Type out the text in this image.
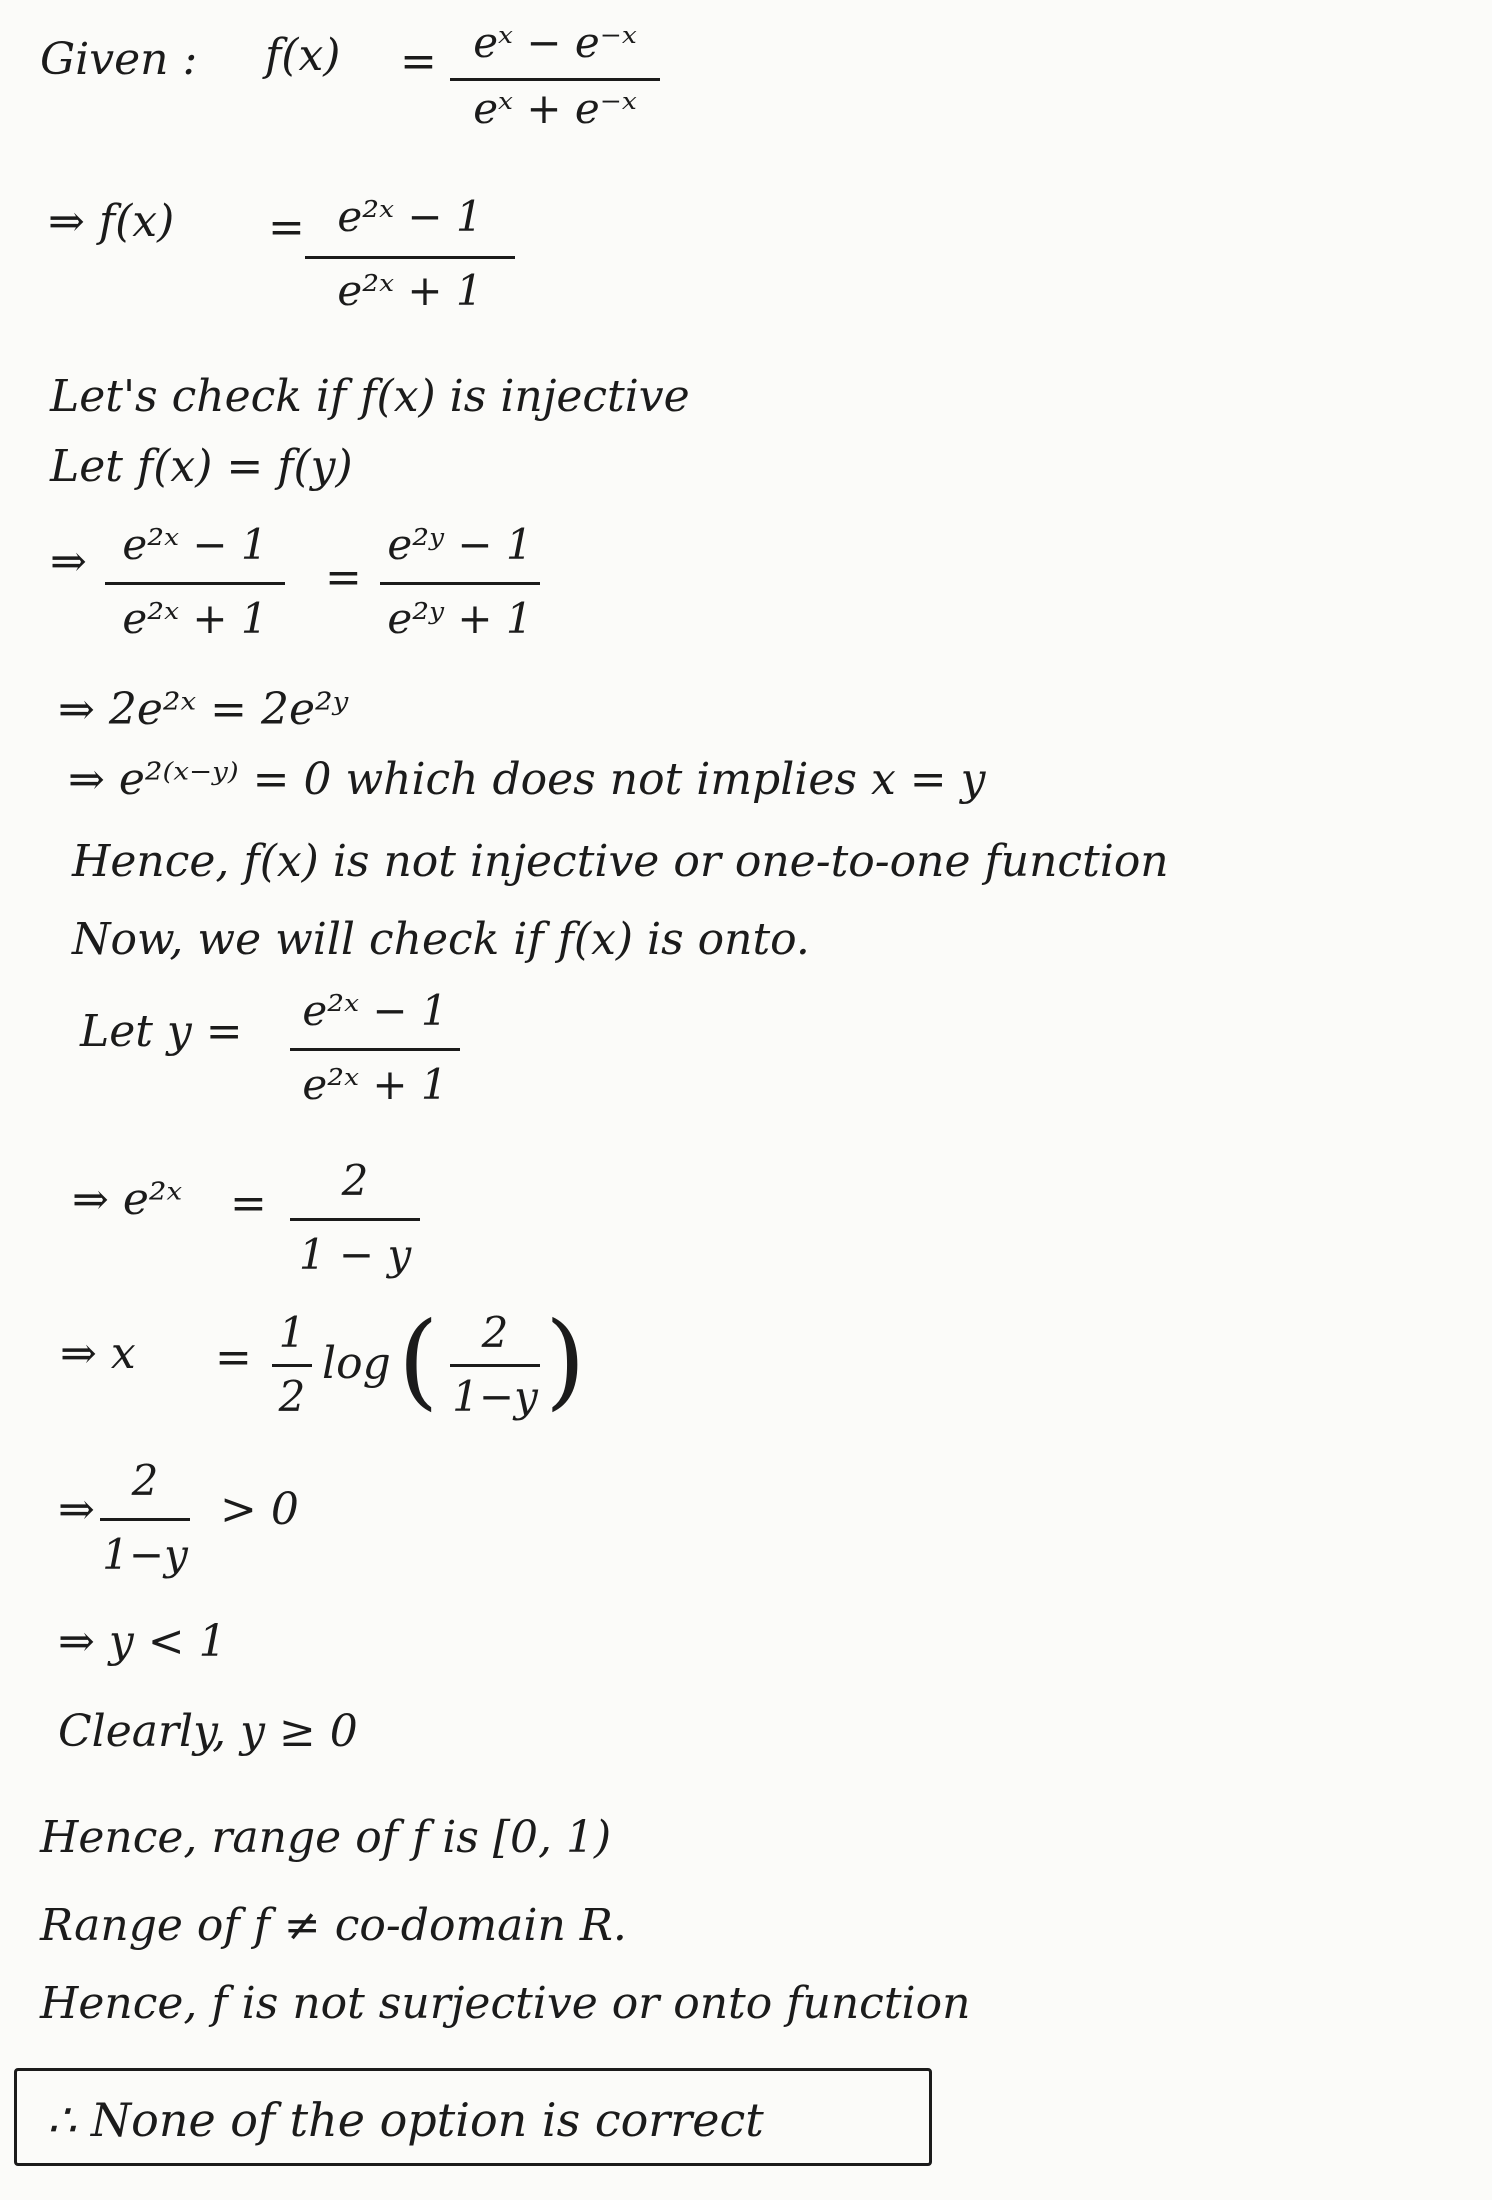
Given : f(x) = eˣ − e⁻ˣ
eˣ + e⁻ˣ
⇒ f(x) = e²ˣ − 1
e²ˣ + 1
Let's check if f(x) is injective
Let f(x) = f(y)
⇒ e²ˣ − 1
e²ˣ + 1
=
e²ʸ − 1
e²ʸ + 1
⇒ 2e²ˣ = 2e²ʸ
⇒ e²⁽ˣ⁻ʸ⁾ = 0 which does not implies x = y
Hence, f(x) is not injective or one-to-one function
Now, we will check if f(x) is onto.
Let y = e²ˣ − 1
e²ˣ + 1
⇒ e²ˣ =	2
1 − y
⇒ x = 1
2
log (	2
1−y )
⇒
2
1−y
> 0
⇒ y < 1
Clearly, y ≥ 0
Hence, range of f is [0, 1)
Range of f ≠ co-domain R.
Hence, f is not surjective or onto function
∴ None of the option is correct
